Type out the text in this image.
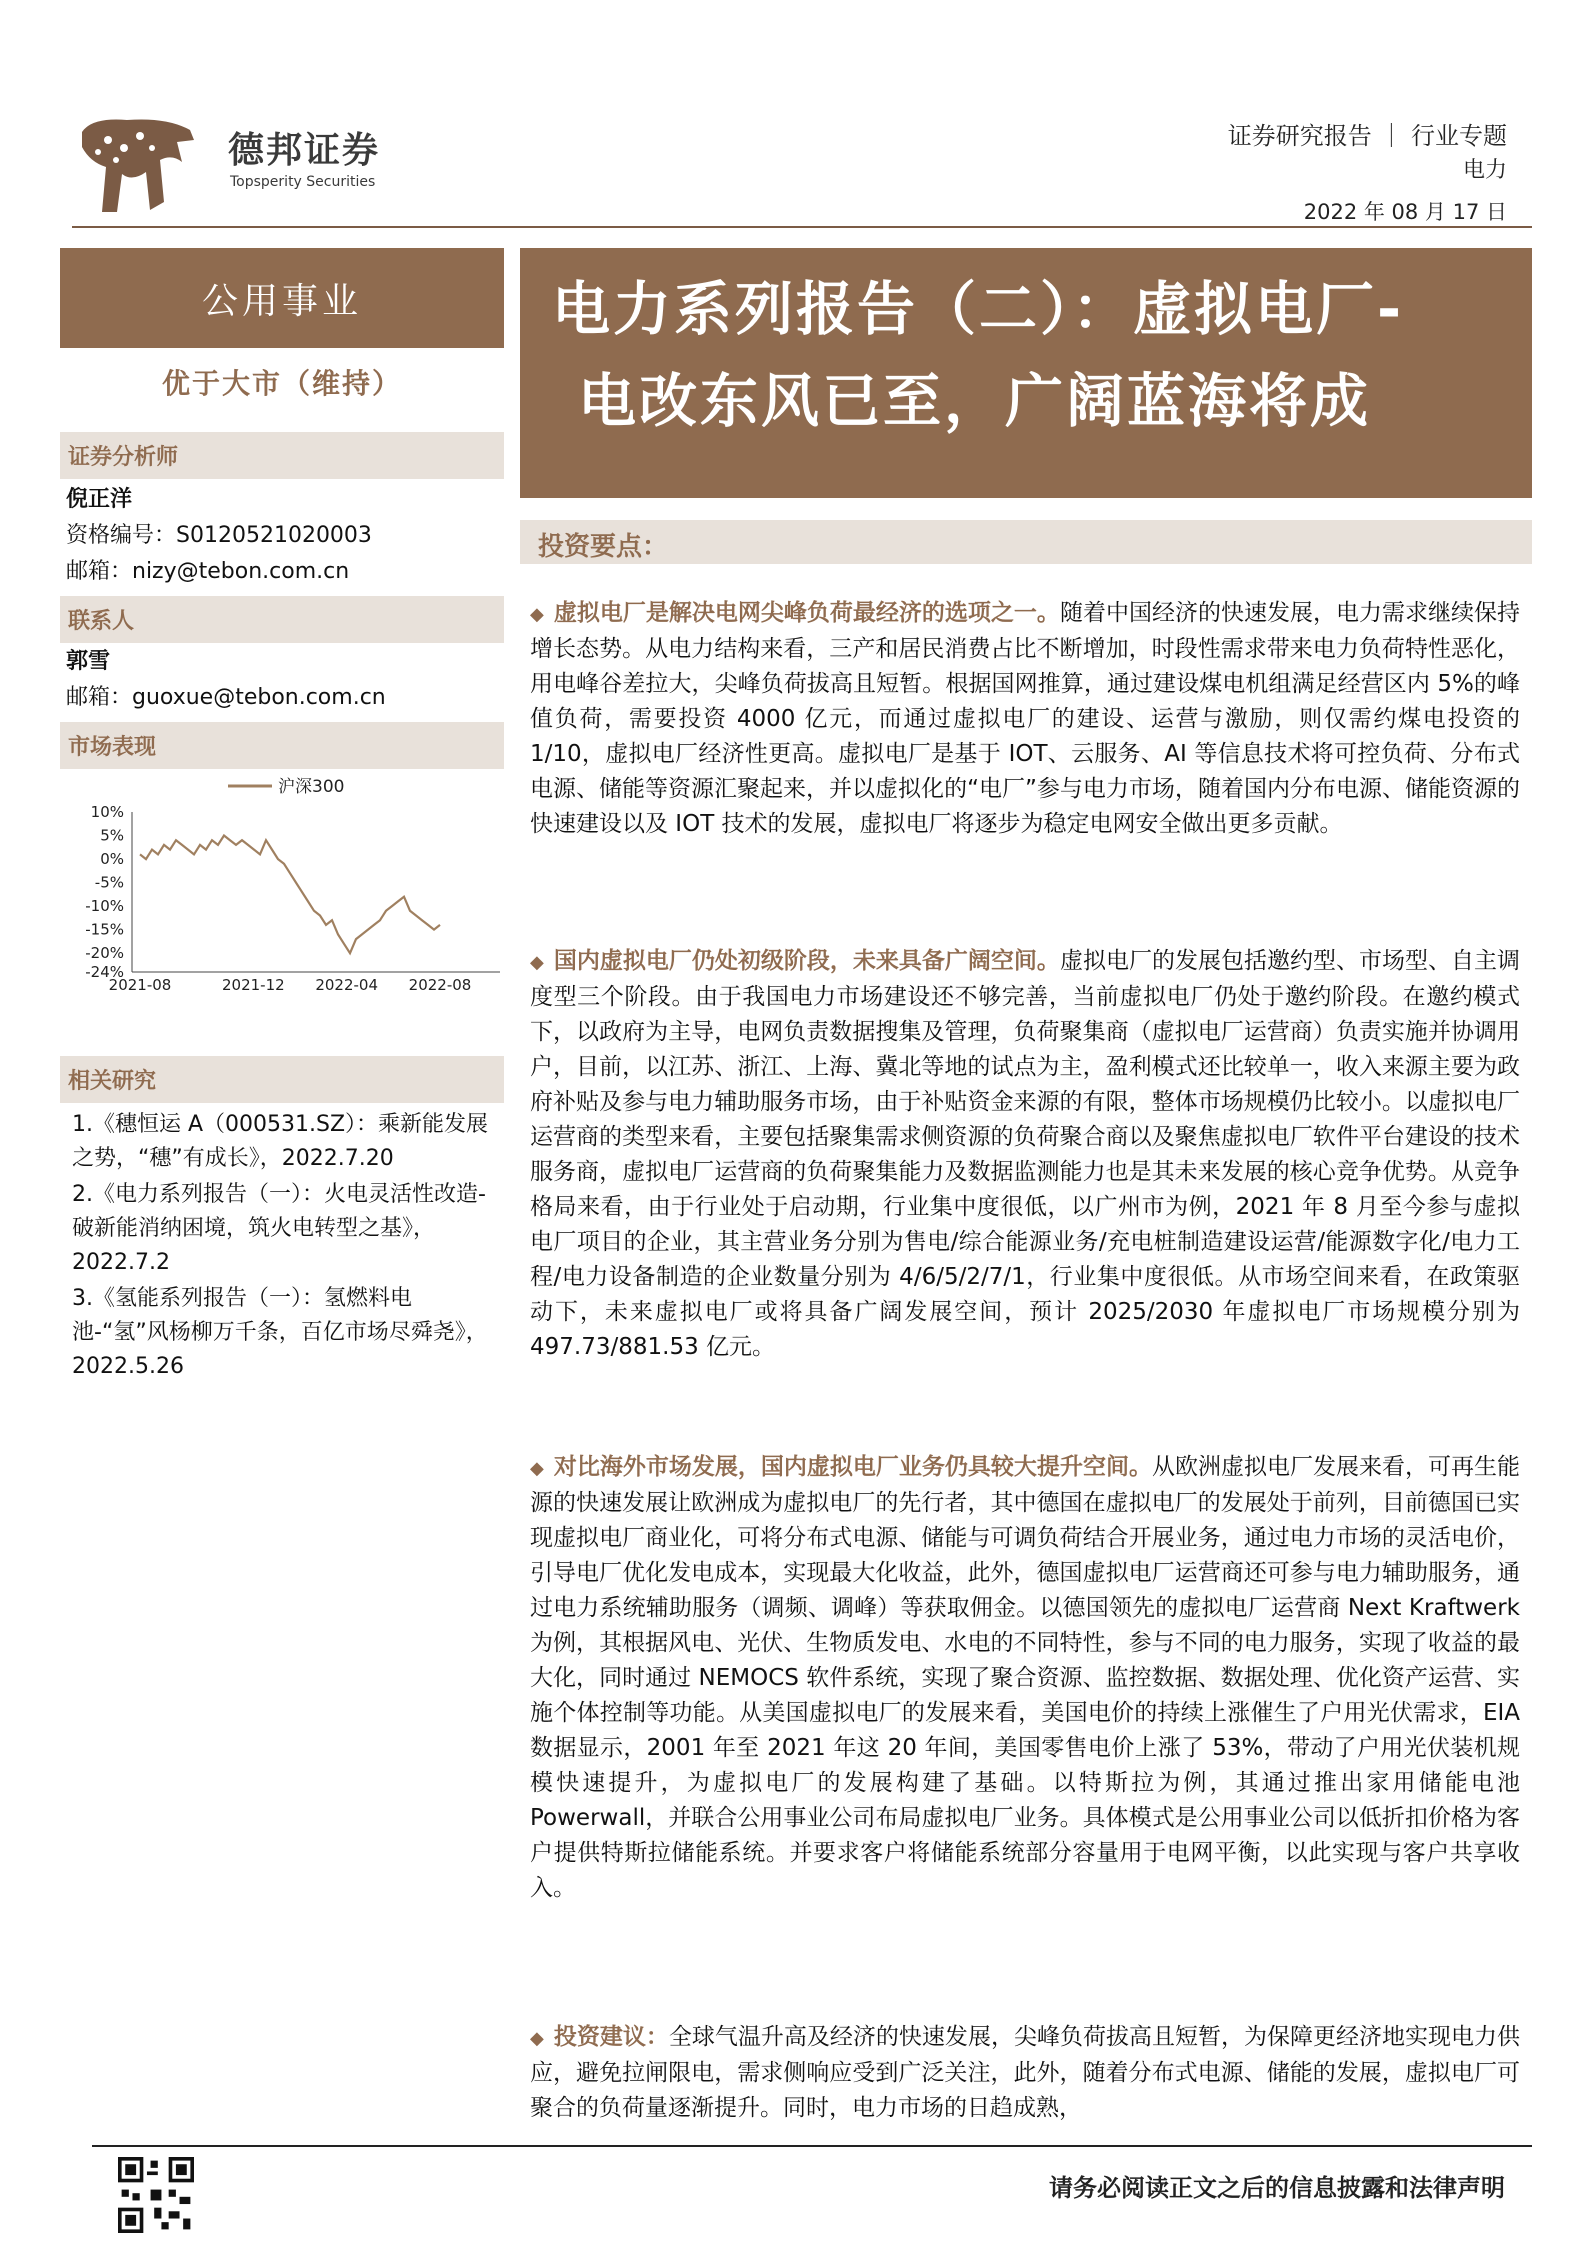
德邦证券
Topsperity Securities
证券研究报告 ｜ 行业专题
电力
2022 年 08 月 17 日
公用事业
优于大市（维持）
证券分析师
倪正洋
资格编号：S0120521020003
邮箱：nizy@tebon.com.cn
联系人
郭雪
邮箱：guoxue@tebon.com.cn
市场表现
沪深300
10%
5%
0%
-5%
-10%
-15%
-20%
-24%
2021-08	2021-12 2022-04 2022-08
相关研究
1.《穗恒运 A（000531.SZ）：乘新能发展之势，“穗”有成长》，2022.7.20
2.《电力系列报告（一）：火电灵活性改造-破新能消纳困境，筑火电转型之基》，2022.7.2
3.《氢能系列报告（一）：氢燃料电池-“氢”风杨柳万千条，百亿市场尽舜尧》，2022.5.26
电力系列报告（二）：虚拟电厂-
电改东风已至，广阔蓝海将成
投资要点：
◆ 虚拟电厂是解决电网尖峰负荷最经济的选项之一。随着中国经济的快速发展，电力需求继续保持增长态势。从电力结构来看，三产和居民消费占比不断增加，时段性需求带来电力负荷特性恶化，用电峰谷差拉大，尖峰负荷拔高且短暂。根据国网推算，通过建设煤电机组满足经营区内 5%的峰值负荷，需要投资 4000 亿元，而通过虚拟电厂的建设、运营与激励，则仅需约煤电投资的 1/10，虚拟电厂经济性更高。虚拟电厂是基于 IOT、云服务、AI 等信息技术将可控负荷、分布式电源、储能等资源汇聚起来，并以虚拟化的“电厂”参与电力市场，随着国内分布电源、储能资源的快速建设以及 IOT 技术的发展，虚拟电厂将逐步为稳定电网安全做出更多贡献。
◆ 国内虚拟电厂仍处初级阶段，未来具备广阔空间。虚拟电厂的发展包括邀约型、市场型、自主调度型三个阶段。由于我国电力市场建设还不够完善，当前虚拟电厂仍处于邀约阶段。在邀约模式下，以政府为主导，电网负责数据搜集及管理，负荷聚集商（虚拟电厂运营商）负责实施并协调用户，目前，以江苏、浙江、上海、冀北等地的试点为主，盈利模式还比较单一，收入来源主要为政府补贴及参与电力辅助服务市场，由于补贴资金来源的有限，整体市场规模仍比较小。以虚拟电厂运营商的类型来看，主要包括聚集需求侧资源的负荷聚合商以及聚焦虚拟电厂软件平台建设的技术服务商，虚拟电厂运营商的负荷聚集能力及数据监测能力也是其未来发展的核心竞争优势。从竞争格局来看，由于行业处于启动期，行业集中度很低，以广州市为例，2021 年 8 月至今参与虚拟电厂项目的企业，其主营业务分别为售电/综合能源业务/充电桩制造建设运营/能源数字化/电力工程/电力设备制造的企业数量分别为 4/6/5/2/7/1，行业集中度很低。从市场空间来看，在政策驱动下，未来虚拟电厂或将具备广阔发展空间，预计 2025/2030 年虚拟电厂市场规模分别为497.73/881.53 亿元。
◆ 对比海外市场发展，国内虚拟电厂业务仍具较大提升空间。从欧洲虚拟电厂发展来看，可再生能源的快速发展让欧洲成为虚拟电厂的先行者，其中德国在虚拟电厂的发展处于前列，目前德国已实现虚拟电厂商业化，可将分布式电源、储能与可调负荷结合开展业务，通过电力市场的灵活电价，引导电厂优化发电成本，实现最大化收益，此外，德国虚拟电厂运营商还可参与电力辅助服务，通过电力系统辅助服务（调频、调峰）等获取佣金。以德国领先的虚拟电厂运营商 Next Kraftwerk 为例，其根据风电、光伏、生物质发电、水电的不同特性，参与不同的电力服务，实现了收益的最大化，同时通过 NEMOCS 软件系统，实现了聚合资源、监控数据、数据处理、优化资产运营、实施个体控制等功能。从美国虚拟电厂的发展来看，美国电价的持续上涨催生了户用光伏需求，EIA 数据显示，2001 年至 2021 年这 20 年间，美国零售电价上涨了 53%，带动了户用光伏装机规模快速提升，为虚拟电厂的发展构建了基础。以特斯拉为例，其通过推出家用储能电池 Powerwall，并联合公用事业公司布局虚拟电厂业务。具体模式是公用事业公司以低折扣价格为客户提供特斯拉储能系统。并要求客户将储能系统部分容量用于电网平衡，以此实现与客户共享收入。
◆ 投资建议：全球气温升高及经济的快速发展，尖峰负荷拔高且短暂，为保障更经济地实现电力供应，避免拉闸限电，需求侧响应受到广泛关注，此外，随着分布式电源、储能的发展，虚拟电厂可聚合的负荷量逐渐提升。同时，电力市场的日趋成熟，
请务必阅读正文之后的信息披露和法律声明
